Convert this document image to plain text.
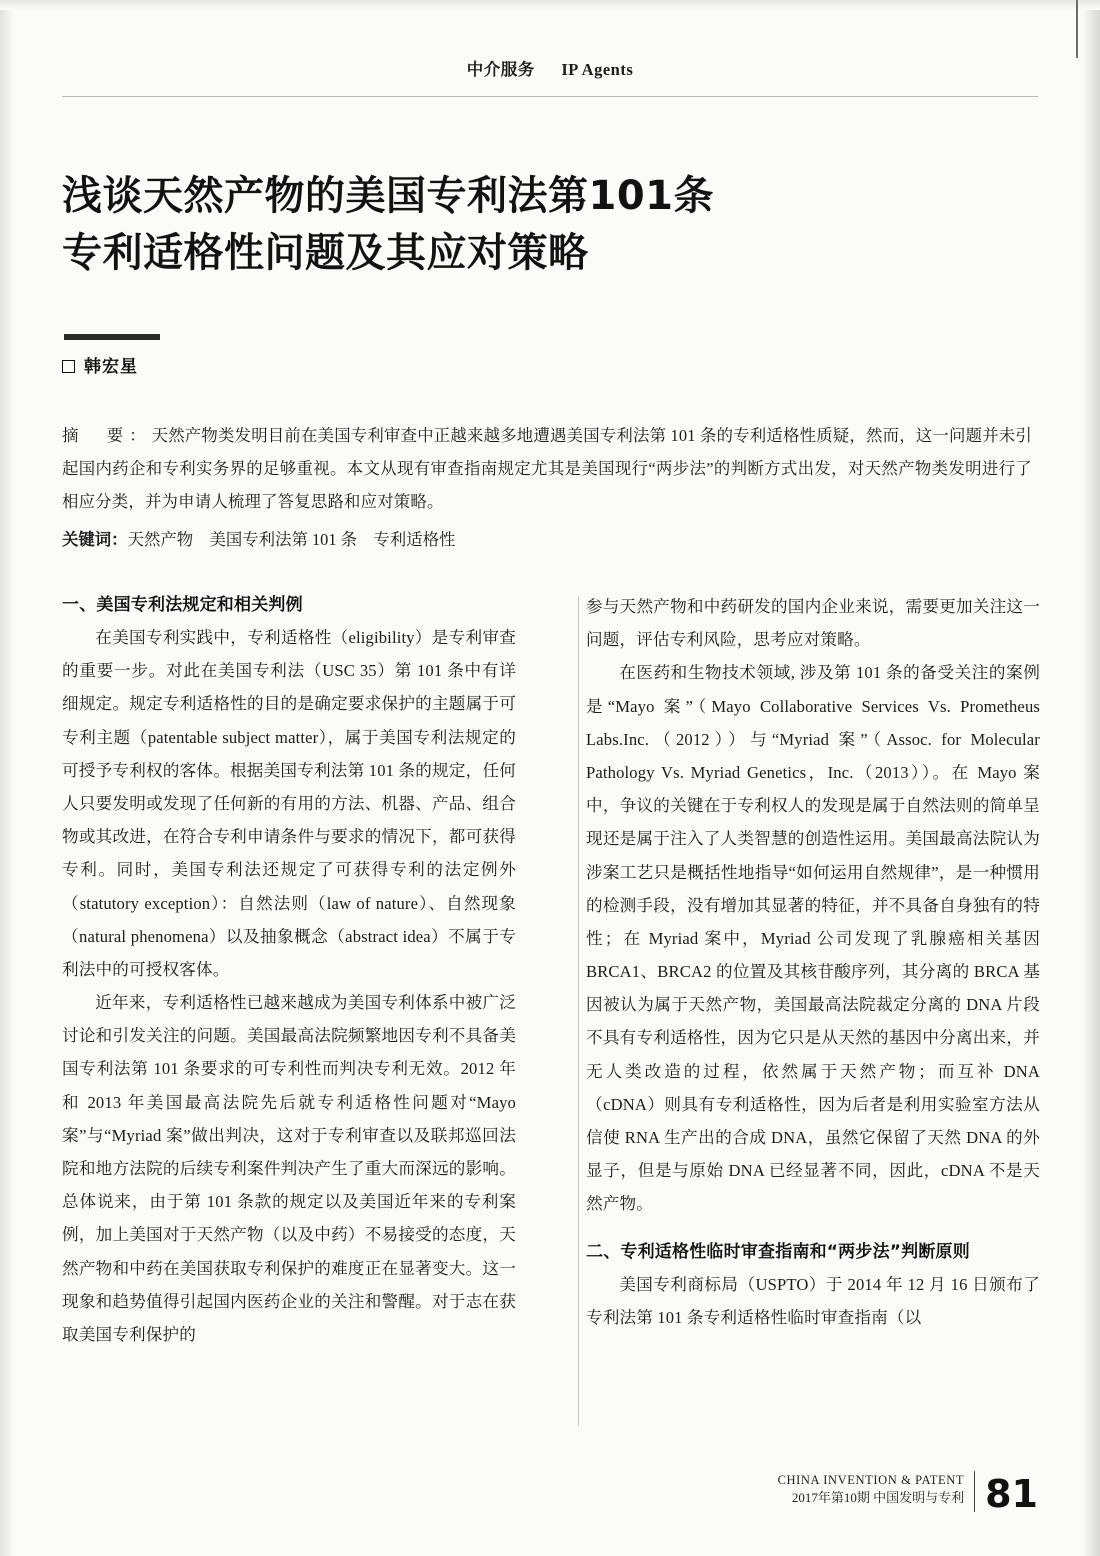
中介服务 IP Agents
浅谈天然产物的美国专利法第101条
专利适格性问题及其应对策略
韩宏星

摘　要：天然产物类发明目前在美国专利审查中正越来越多地遭遇美国专利法第 101 条的专利适格性质疑，然而，这一问题并未引起国内药企和专利实务界的足够重视。本文从现有审查指南规定尤其是美国现行“两步法”的判断方式出发，对天然产物类发明进行了相应分类，并为申请人梳理了答复思路和应对策略。

关键词：天然产物　美国专利法第 101 条　专利适格性
一、美国专利法规定和相关判例

在美国专利实践中，专利适格性（eligibility）是专利审查的重要一步。对此在美国专利法（USC 35）第 101 条中有详细规定。规定专利适格性的目的是确定要求保护的主题属于可专利主题（patentable subject matter），属于美国专利法规定的可授予专利权的客体。根据美国专利法第 101 条的规定，任何人只要发明或发现了任何新的有用的方法、机器、产品、组合物或其改进，在符合专利申请条件与要求的情况下，都可获得专利。同时，美国专利法还规定了可获得专利的法定例外（statutory exception）：自然法则（law of nature）、自然现象（natural phenomena）以及抽象概念（abstract idea）不属于专利法中的可授权客体。

近年来，专利适格性已越来越成为美国专利体系中被广泛讨论和引发关注的问题。美国最高法院频繁地因专利不具备美国专利法第 101 条要求的可专利性而判决专利无效。2012 年和 2013 年美国最高法院先后就专利适格性问题对“Mayo 案”与“Myriad 案”做出判决，这对于专利审查以及联邦巡回法院和地方法院的后续专利案件判决产生了重大而深远的影响。总体说来，由于第 101 条款的规定以及美国近年来的专利案例，加上美国对于天然产物（以及中药）不易接受的态度，天然产物和中药在美国获取专利保护的难度正在显著变大。这一现象和趋势值得引起国内医药企业的关注和警醒。对于志在获取美国专利保护的

参与天然产物和中药研发的国内企业来说，需要更加关注这一问题，评估专利风险，思考应对策略。

在医药和生物技术领域, 涉及第 101 条的备受关注的案例是“Mayo 案”（Mayo Collaborative Services Vs. Prometheus Labs.Inc.（2012））与“Myriad 案”（Assoc. for Molecular Pathology Vs. Myriad Genetics，Inc.（2013））。在 Mayo 案中，争议的关键在于专利权人的发现是属于自然法则的简单呈现还是属于注入了人类智慧的创造性运用。美国最高法院认为涉案工艺只是概括性地指导“如何运用自然规律”，是一种惯用的检测手段，没有增加其显著的特征，并不具备自身独有的特性；在 Myriad 案中，Myriad 公司发现了乳腺癌相关基因 BRCA1、BRCA2 的位置及其核苷酸序列，其分离的 BRCA 基因被认为属于天然产物，美国最高法院裁定分离的 DNA 片段不具有专利适格性，因为它只是从天然的基因中分离出来，并无人类改造的过程，依然属于天然产物；而互补 DNA（cDNA）则具有专利适格性，因为后者是利用实验室方法从信使 RNA 生产出的合成 DNA，虽然它保留了天然 DNA 的外显子，但是与原始 DNA 已经显著不同，因此，cDNA 不是天然产物。

二、专利适格性临时审查指南和“两步法”判断原则

美国专利商标局（USPTO）于 2014 年 12 月 16 日颁布了专利法第 101 条专利适格性临时审查指南（以

CHINA INVENTION & PATENT
2017年第10期 中国发明与专利 81
